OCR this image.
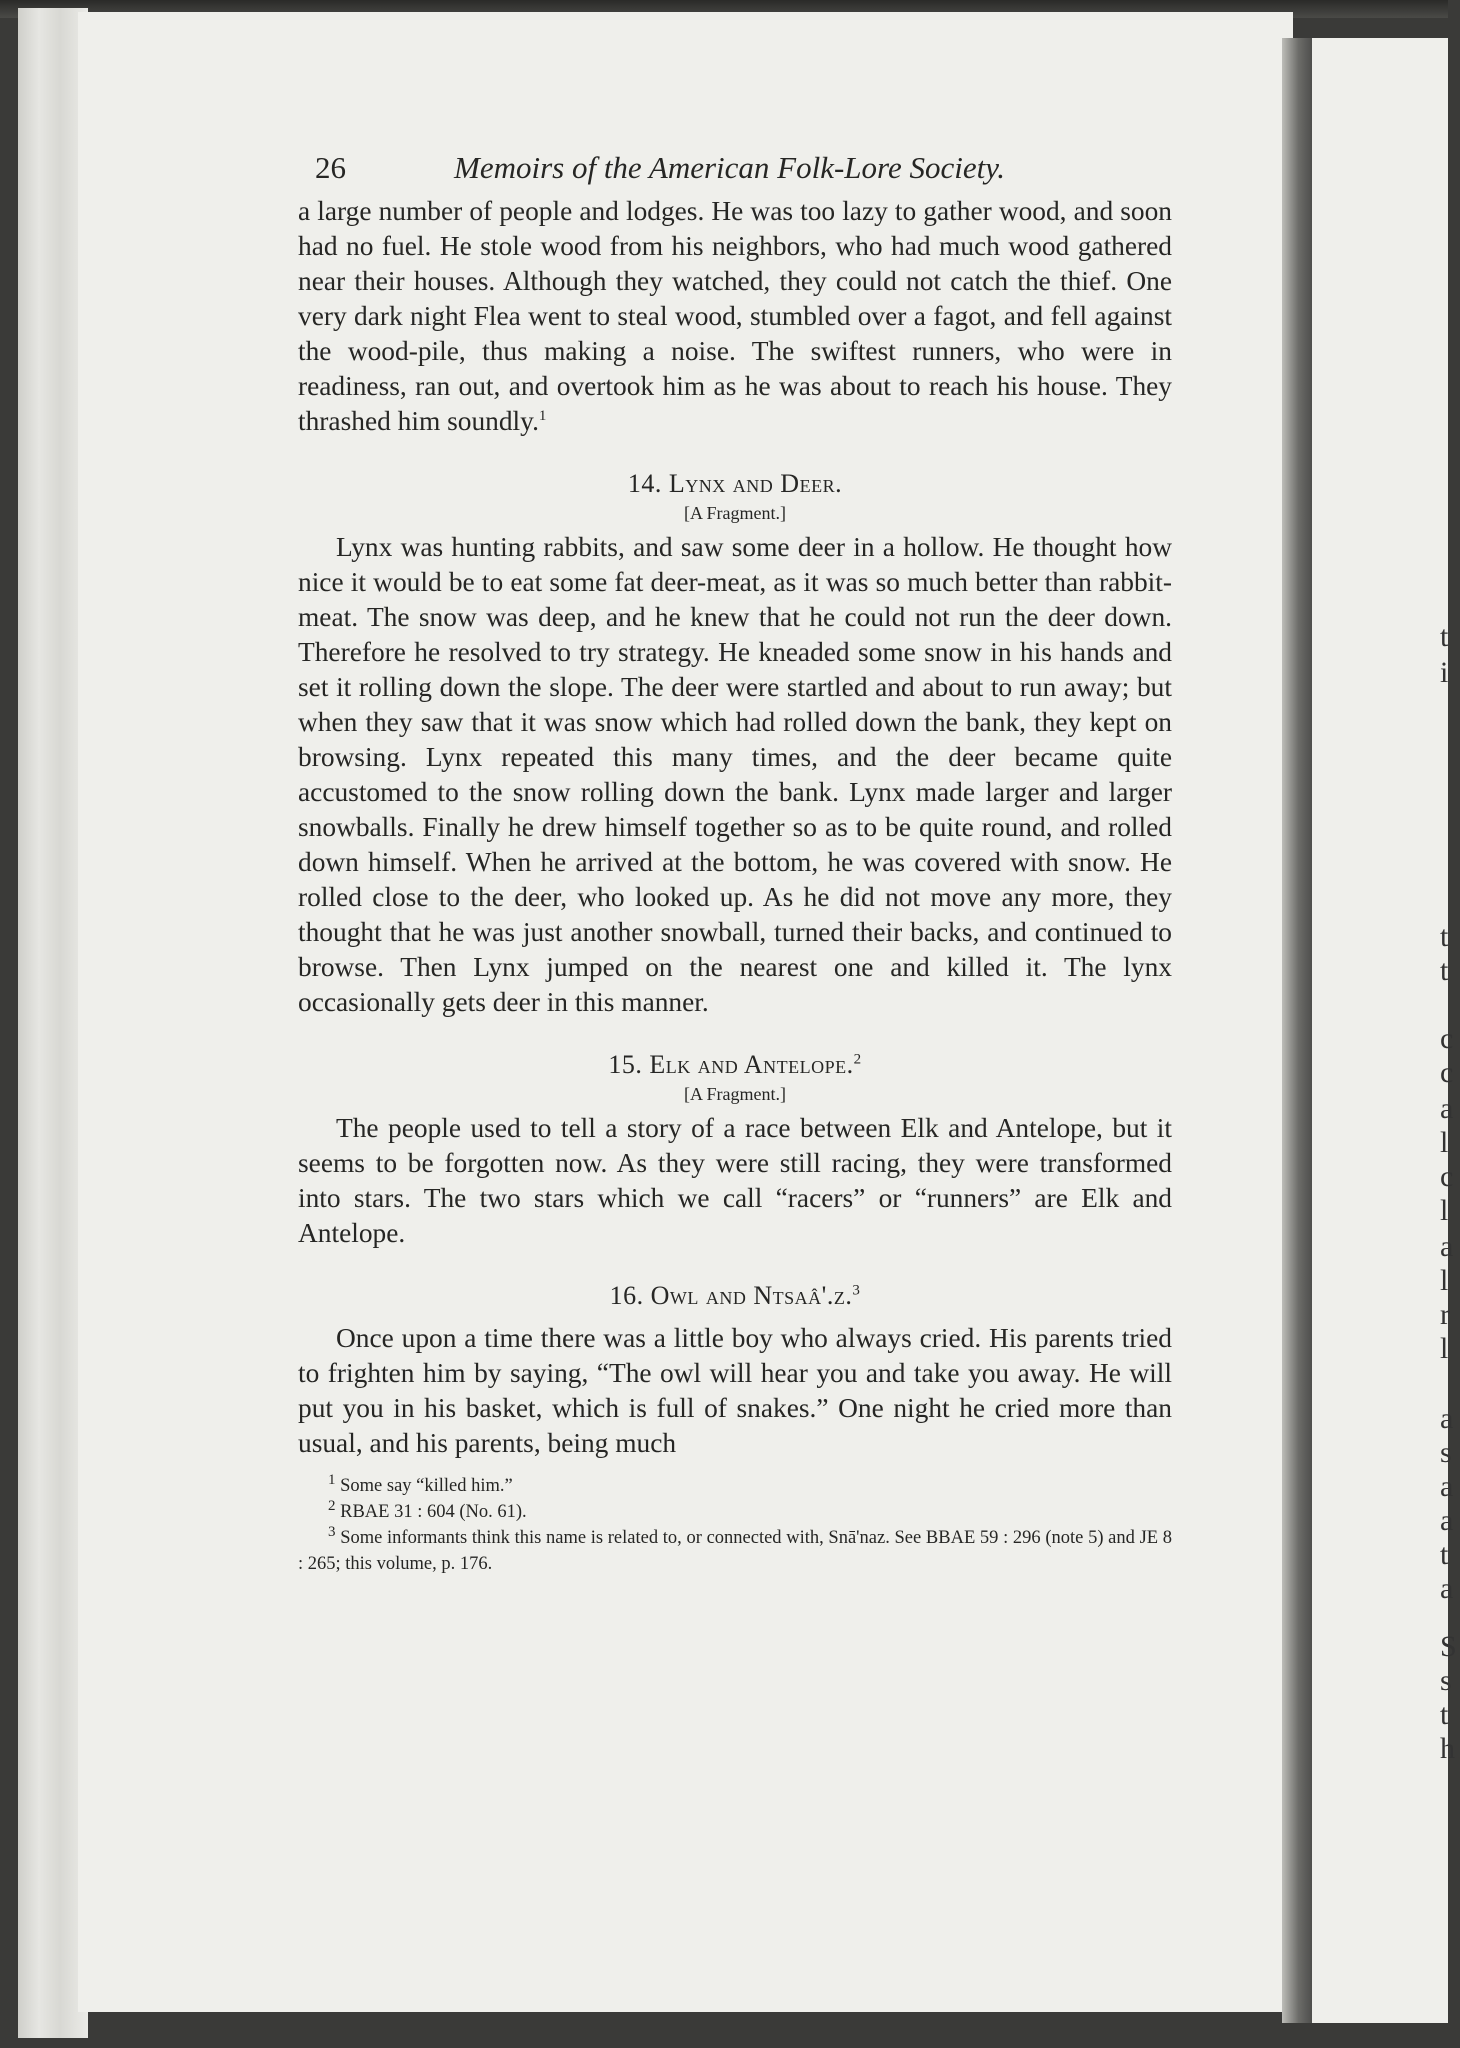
t
i
t
t
c
c
a
l
c
l
a
l
r
l
a
s
a
a
t
a
S
s
t
h
26	Memoirs of the American Folk-Lore Society.

a large number of people and lodges. He was too lazy to gather wood, and soon had no fuel. He stole wood from his neighbors, who had much wood gathered near their houses. Although they watched, they could not catch the thief. One very dark night Flea went to steal wood, stumbled over a fagot, and fell against the wood-pile, thus making a noise. The swiftest runners, who were in readiness, ran out, and overtook him as he was about to reach his house. They thrashed him soundly.$^1$

14. Lynx and Deer.
[A Fragment.]

Lynx was hunting rabbits, and saw some deer in a hollow. He thought how nice it would be to eat some fat deer-meat, as it was so much better than rabbit-meat. The snow was deep, and he knew that he could not run the deer down. Therefore he resolved to try strategy. He kneaded some snow in his hands and set it rolling down the slope. The deer were startled and about to run away; but when they saw that it was snow which had rolled down the bank, they kept on browsing. Lynx repeated this many times, and the deer became quite accustomed to the snow rolling down the bank. Lynx made larger and larger snowballs. Finally he drew himself together so as to be quite round, and rolled down himself. When he arrived at the bottom, he was covered with snow. He rolled close to the deer, who looked up. As he did not move any more, they thought that he was just another snowball, turned their backs, and continued to browse. Then Lynx jumped on the nearest one and killed it. The lynx occasionally gets deer in this manner.

15. Elk and Antelope.$^2$
[A Fragment.]

The people used to tell a story of a race between Elk and Antelope, but it seems to be forgotten now. As they were still racing, they were transformed into stars. The two stars which we call “racers” or “runners” are Elk and Antelope.

16. Owl and Ntsaâ'.z.$^3$

Once upon a time there was a little boy who always cried. His parents tried to frighten him by saying, “The owl will hear you and take you away. He will put you in his basket, which is full of snakes.” One night he cried more than usual, and his parents, being much

$^1$ Some say “killed him.”

$^2$ RBAE 31 : 604 (No. 61).

$^3$ Some informants think this name is related to, or connected with, Snā'naz. See BBAE 59 : 296 (note 5) and JE 8 : 265; this volume, p. 176.
